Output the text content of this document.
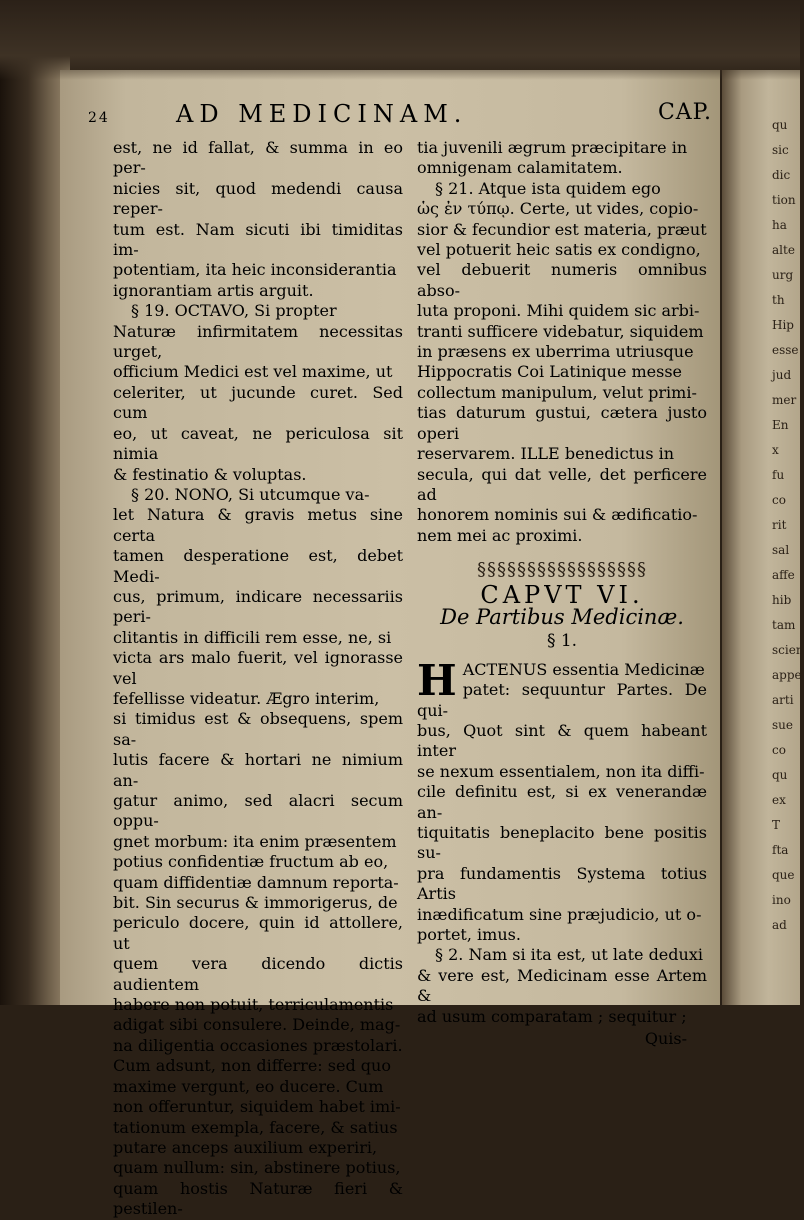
qu
sic
dic
tion
ha
alte
urg
th
Hip
esse
jud
mer
En
x
fu
co
rit
sal
affe
hib
tam
scien
appe
arti
sue
co
qu
ex
T
fta
que
ino
ad
24	AD MEDICINAM.	CAP.

est, ne id fallat, & summa in eo per-

nicies sit, quod medendi causa reper-

tum est. Nam sicuti ibi timiditas im-

potentiam, ita heic inconsiderantia

ignorantiam artis arguit.

§ 19. OCTAVO, Si propter

Naturæ infirmitatem necessitas urget,

officium Medici est vel maxime, ut

celeriter, ut jucunde curet. Sed cum

eo, ut caveat, ne periculosa sit nimia

& festinatio & voluptas.

§ 20. NONO, Si utcumque va-

let Natura & gravis metus sine certa

tamen desperatione est, debet Medi-

cus, primum, indicare necessariis peri-

clitantis in difficili rem esse, ne, si

victa ars malo fuerit, vel ignorasse vel

fefellisse videatur. Ægro interim,

si timidus est & obsequens, spem sa-

lutis facere & hortari ne nimium an-

gatur animo, sed alacri secum oppu-

gnet morbum: ita enim præsentem

potius confidentiæ fructum ab eo,

quam diffidentiæ damnum reporta-

bit. Sin securus & immorigerus, de

periculo docere, quin id attollere, ut

quem vera dicendo dictis audientem

habere non potuit, terriculamentis

adigat sibi consulere. Deinde, mag-

na diligentia occasiones præstolari.

Cum adsunt, non differre: sed quo

maxime vergunt, eo ducere. Cum

non offeruntur, siquidem habet imi-

tationum exempla, facere, & satius

putare anceps auxilium experiri,

quam nullum: sin, abstinere potius,

quam hostis Naturæ fieri & pestilen-

tia juvenili ægrum præcipitare in

omnigenam calamitatem.

§ 21. Atque ista quidem ego

ὡς ἐν τύπῳ. Certe, ut vides, copio-

sior & fecundior est materia, præut

vel potuerit heic satis ex condigno,

vel debuerit numeris omnibus abso-

luta proponi. Mihi quidem sic arbi-

tranti sufficere videbatur, siquidem

in præsens ex uberrima utriusque

Hippocratis Coi Latinique messe

collectum manipulum, velut primi-

tias daturum gustui, cætera justo operi

reservarem. ILLE benedictus in

secula, qui dat velle, det perficere ad

honorem nominis sui & ædificatio-

nem mei ac proximi.

§§§§§§§§§§§§§§§§§
CAPVT VI.
De Partibus Medicinæ.
§ 1.
H ACTENUS essentia Medicinæ

patet: sequuntur Partes. De qui-

bus, Quot sint & quem habeant inter

se nexum essentialem, non ita diffi-

cile definitu est, si ex venerandæ an-

tiquitatis beneplacito bene positis su-

pra fundamentis Systema totius Artis

inædificatum sine præjudicio, ut o-

portet, imus.

§ 2. Nam si ita est, ut late deduxi

& vere est, Medicinam esse Artem &

ad usum comparatam ; sequitur ;

Quis-
